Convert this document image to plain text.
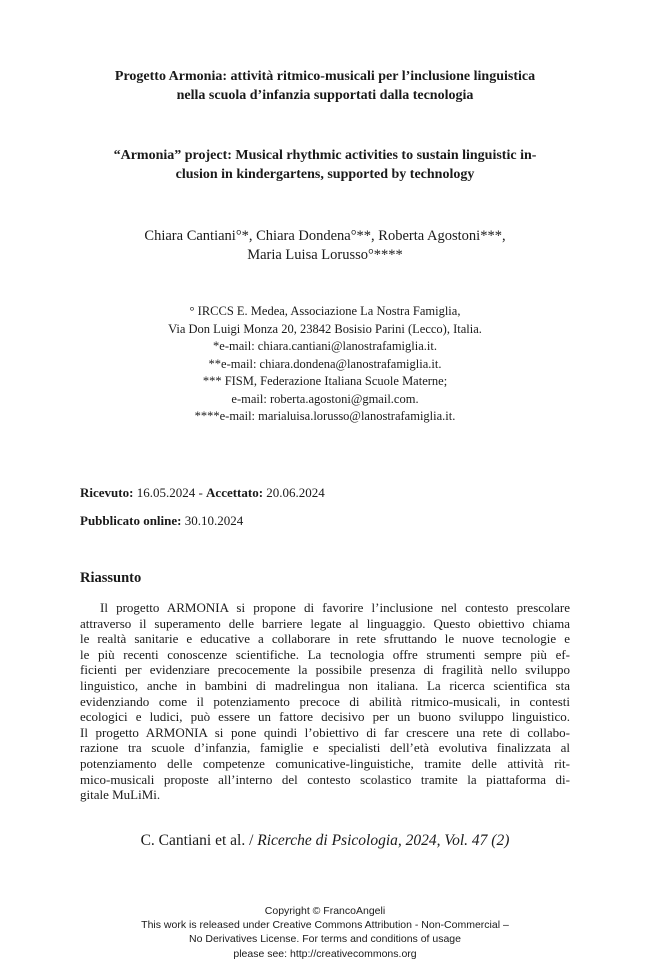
Progetto Armonia: attività ritmico-musicali per l’inclusione linguistica
nella scuola d’infanzia supportati dalla tecnologia
“Armonia” project: Musical rhythmic activities to sustain linguistic in-
clusion in kindergartens, supported by technology
Chiara Cantiani°*, Chiara Dondena°**, Roberta Agostoni***,
Maria Luisa Lorusso°****
° IRCCS E. Medea, Associazione La Nostra Famiglia,
Via Don Luigi Monza 20, 23842 Bosisio Parini (Lecco), Italia.
*e-mail: chiara.cantiani@lanostrafamiglia.it.
**e-mail: chiara.dondena@lanostrafamiglia.it.
*** FISM, Federazione Italiana Scuole Materne;
e-mail: roberta.agostoni@gmail.com.
****e-mail: marialuisa.lorusso@lanostrafamiglia.it.
Ricevuto: 16.05.2024 - Accettato: 20.06.2024
Pubblicato online: 30.10.2024
Riassunto
Il progetto ARMONIA si propone di favorire l’inclusione nel contesto prescolare
attraverso il superamento delle barriere legate al linguaggio. Questo obiettivo chiama
le realtà sanitarie e educative a collaborare in rete sfruttando le nuove tecnologie e
le più recenti conoscenze scientifiche. La tecnologia offre strumenti sempre più ef-
ficienti per evidenziare precocemente la possibile presenza di fragilità nello sviluppo
linguistico, anche in bambini di madrelingua non italiana. La ricerca scientifica sta
evidenziando come il potenziamento precoce di abilità ritmico-musicali, in contesti
ecologici e ludici, può essere un fattore decisivo per un buono sviluppo linguistico.
Il progetto ARMONIA si pone quindi l’obiettivo di far crescere una rete di collabo-
razione tra scuole d’infanzia, famiglie e specialisti dell’età evolutiva finalizzata al
potenziamento delle competenze comunicative-linguistiche, tramite delle attività rit-
mico-musicali proposte all’interno del contesto scolastico tramite la piattaforma di-
gitale MuLiMi.
C. Cantiani et al. / Ricerche di Psicologia, 2024, Vol. 47 (2)
Copyright © FrancoAngeli
This work is released under Creative Commons Attribution - Non-Commercial –
No Derivatives License. For terms and conditions of usage
please see: http://creativecommons.org
